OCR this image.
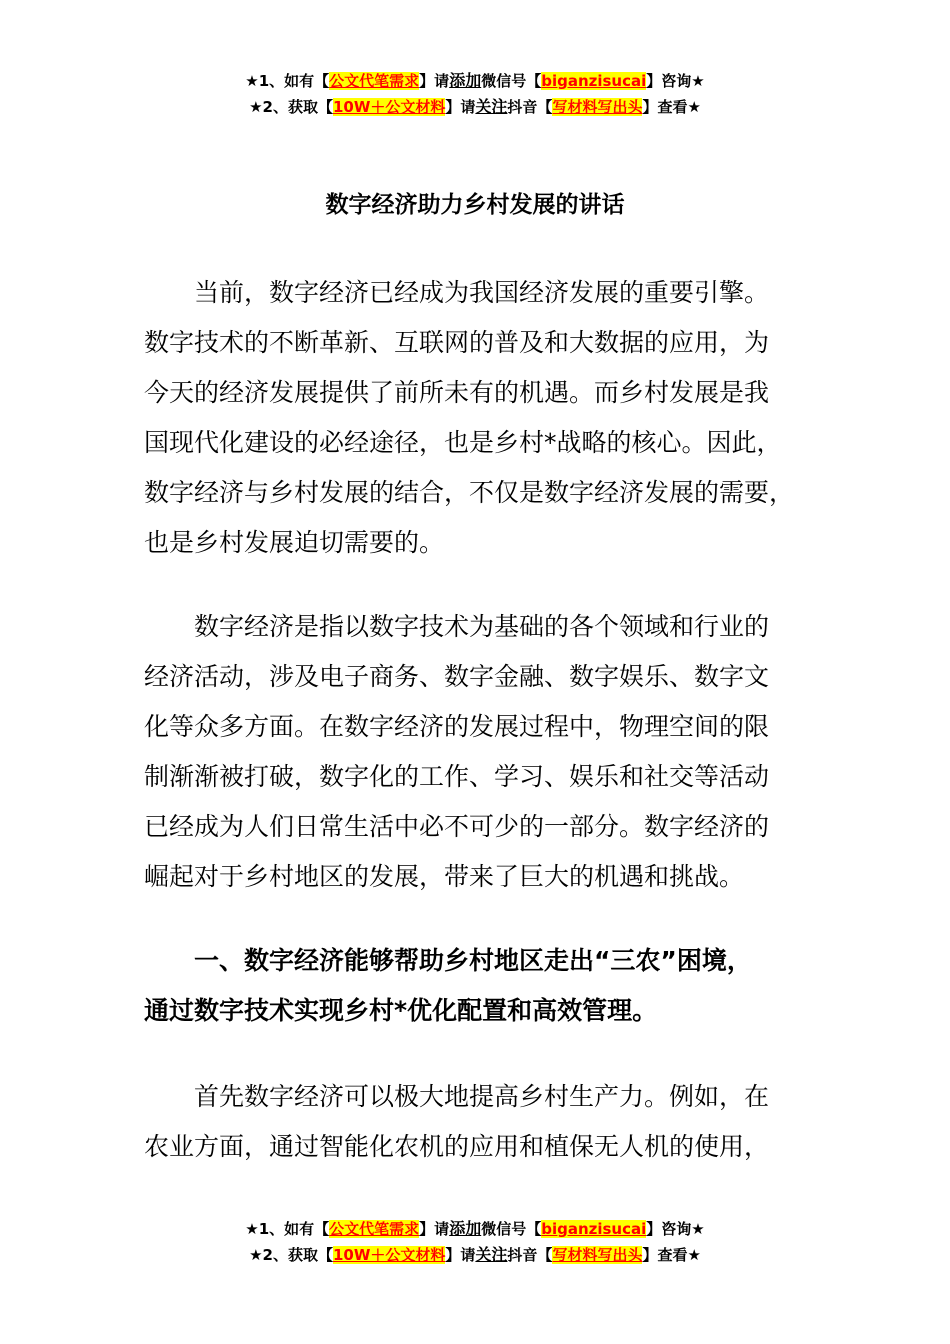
★1、如有【公文代笔需求】请添加微信号【biganzisucai】咨询★
★2、获取【10W＋公文材料】请关注抖音【写材料写出头】查看★
数字经济助力乡村发展的讲话
　　当前，数字经济已经成为我国经济发展的重要引擎。
数字技术的不断革新、互联网的普及和大数据的应用，为
今天的经济发展提供了前所未有的机遇。而乡村发展是我
国现代化建设的必经途径，也是乡村*战略的核心。因此，
数字经济与乡村发展的结合，不仅是数字经济发展的需要，
也是乡村发展迫切需要的。
　　数字经济是指以数字技术为基础的各个领域和行业的
经济活动，涉及电子商务、数字金融、数字娱乐、数字文
化等众多方面。在数字经济的发展过程中，物理空间的限
制渐渐被打破，数字化的工作、学习、娱乐和社交等活动
已经成为人们日常生活中必不可少的一部分。数字经济的
崛起对于乡村地区的发展，带来了巨大的机遇和挑战。
　　一、数字经济能够帮助乡村地区走出“三农”困境，
通过数字技术实现乡村*优化配置和高效管理。
　　首先数字经济可以极大地提高乡村生产力。例如，在
农业方面，通过智能化农机的应用和植保无人机的使用，
★1、如有【公文代笔需求】请添加微信号【biganzisucai】咨询★
★2、获取【10W＋公文材料】请关注抖音【写材料写出头】查看★
